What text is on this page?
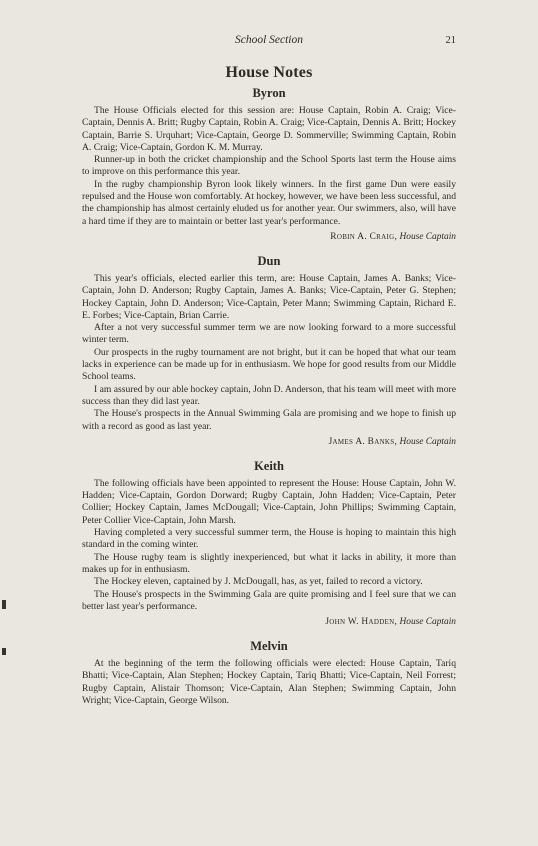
School Section	21
House Notes
Byron

The House Officials elected for this session are: House Captain, Robin A. Craig; Vice-Captain, Dennis A. Britt; Rugby Captain, Robin A. Craig; Vice-Captain, Dennis A. Britt; Hockey Captain, Barrie S. Urquhart; Vice-Captain, George D. Sommerville; Swimming Captain, Robin A. Craig; Vice-Captain, Gordon K. M. Murray.

Runner-up in both the cricket championship and the School Sports last term the House aims to improve on this performance this year.

In the rugby championship Byron look likely winners. In the first game Dun were easily repulsed and the House won comfortably. At hockey, however, we have been less successful, and the championship has almost certainly eluded us for another year. Our swimmers, also, will have a hard time if they are to maintain or better last year's performance.

Robin A. Craig, House Captain
Dun

This year's officials, elected earlier this term, are: House Captain, James A. Banks; Vice-Captain, John D. Anderson; Rugby Captain, James A. Banks; Vice-Captain, Peter G. Stephen; Hockey Captain, John D. Anderson; Vice-Captain, Peter Mann; Swimming Captain, Richard E. E. Forbes; Vice-Captain, Brian Carrie.

After a not very successful summer term we are now looking forward to a more successful winter term.

Our prospects in the rugby tournament are not bright, but it can be hoped that what our team lacks in experience can be made up for in enthusiasm. We hope for good results from our Middle School teams.

I am assured by our able hockey captain, John D. Anderson, that his team will meet with more success than they did last year.

The House's prospects in the Annual Swimming Gala are promising and we hope to finish up with a record as good as last year.

James A. Banks, House Captain
Keith

The following officials have been appointed to represent the House: House Captain, John W. Hadden; Vice-Captain, Gordon Dorward; Rugby Captain, John Hadden; Vice-Captain, Peter Collier; Hockey Captain, James McDougall; Vice-Captain, John Phillips; Swimming Captain, Peter Collier Vice-Captain, John Marsh.

Having completed a very successful summer term, the House is hoping to maintain this high standard in the coming winter.

The House rugby team is slightly inexperienced, but what it lacks in ability, it more than makes up for in enthusiasm.

The Hockey eleven, captained by J. McDougall, has, as yet, failed to record a victory.

The House's prospects in the Swimming Gala are quite promising and I feel sure that we can better last year's performance.

John W. Hadden, House Captain
Melvin

At the beginning of the term the following officials were elected: House Captain, Tariq Bhatti; Vice-Captain, Alan Stephen; Hockey Captain, Tariq Bhatti; Vice-Captain, Neil Forrest; Rugby Captain, Alistair Thomson; Vice-Captain, Alan Stephen; Swimming Captain, John Wright; Vice-Captain, George Wilson.
